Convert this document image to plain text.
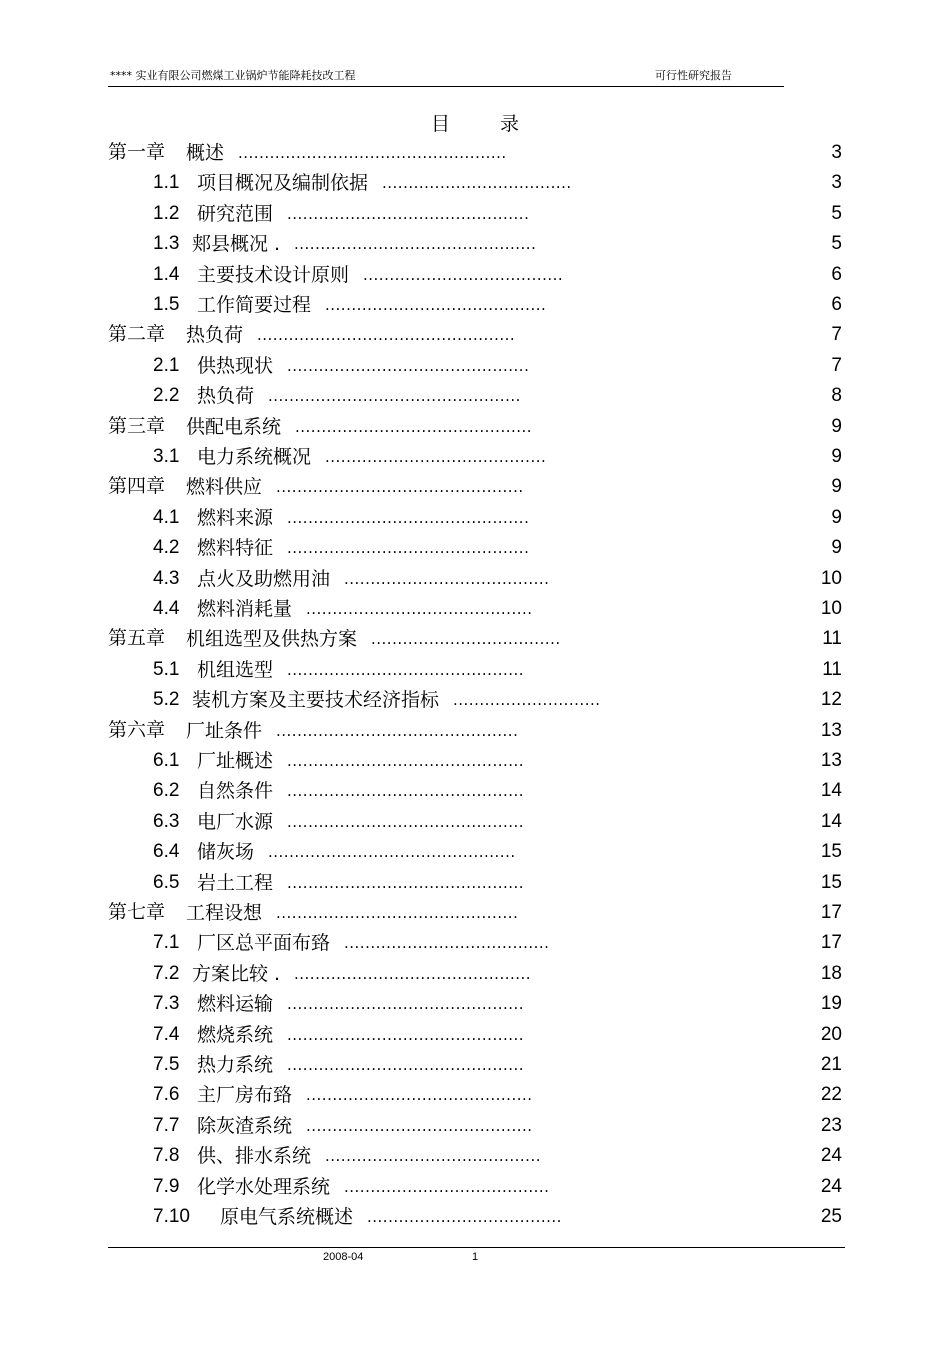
**** 实业有限公司燃煤工业锅炉节能降耗技改工程	可行性研究报告
目 录
第一章 概述 ...................................................	3
1.1 项目概况及编制依据 ....................................	3
1.2 研究范围 ..............................................	5
1.3 郏县概况 . ..............................................	5
1.4 主要技术设计原则 ......................................	6
1.5 工作简要过程 ..........................................	6
第二章 热负荷 .................................................	7
2.1 供热现状 ..............................................	7
2.2 热负荷 ................................................	8
第三章 供配电系统 .............................................	9
3.1 电力系统概况 ..........................................	9
第四章 燃料供应 ...............................................	9
4.1 燃料来源 ..............................................	9
4.2 燃料特征 ..............................................	9
4.3 点火及助燃用油 .......................................	10
4.4 燃料消耗量 ...........................................	10
第五章 机组选型及供热方案 ....................................	11
5.1 机组选型 .............................................	11
5.2 装机方案及主要技术经济指标 ............................	12
第六章 厂址条件 ..............................................	13
6.1 厂址概述 .............................................	13
6.2 自然条件 .............................................	14
6.3 电厂水源 .............................................	14
6.4 储灰场 ...............................................	15
6.5 岩土工程 .............................................	15
第七章 工程设想 ..............................................	17
7.1 厂区总平面布臵 .......................................	17
7.2 方案比较 . .............................................	18
7.3 燃料运输 .............................................	19
7.4 燃烧系统 .............................................	20
7.5 热力系统 .............................................	21
7.6 主厂房布臵 ...........................................	22
7.7 除灰渣系统 ...........................................	23
7.8 供、排水系统 .........................................	24
7.9 化学水处理系统 .......................................	24
7.10 原电气系统概述 .....................................	25
2008-04	1
